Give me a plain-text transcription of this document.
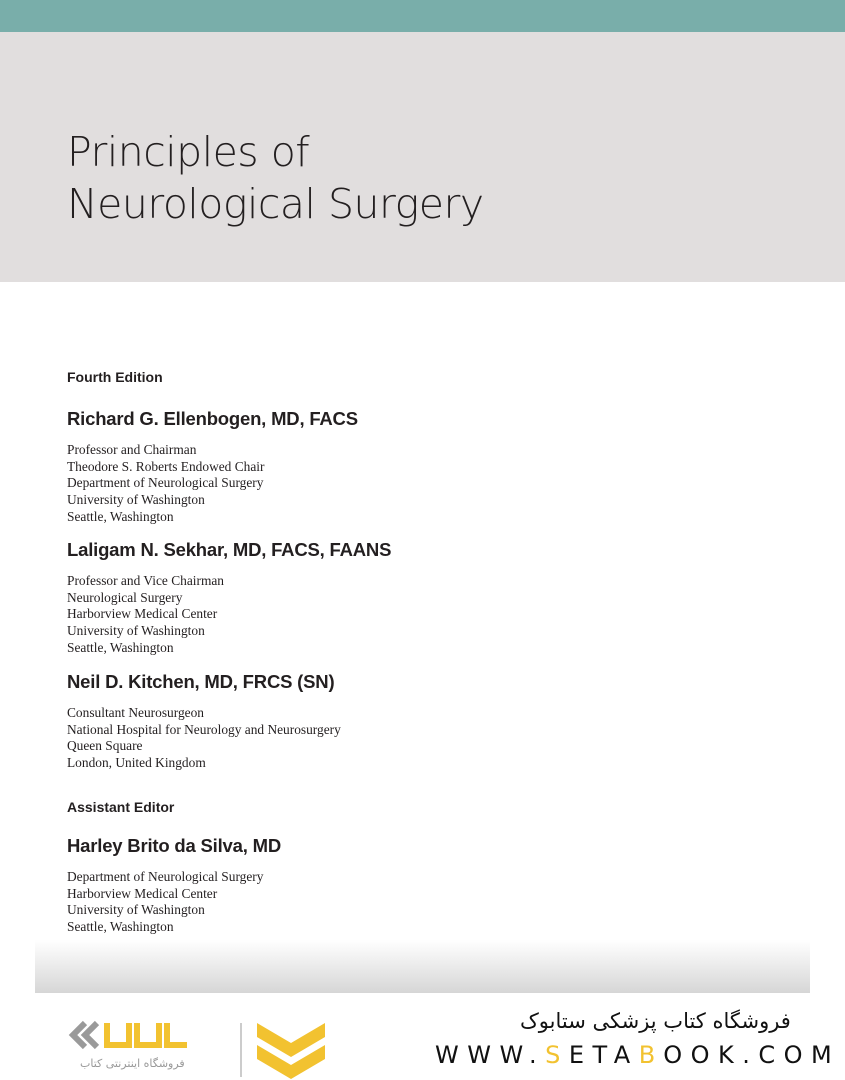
Principles of
Neurological Surgery
Fourth Edition
Richard G. Ellenbogen, MD, FACS
Professor and Chairman
Theodore S. Roberts Endowed Chair
Department of Neurological Surgery
University of Washington
Seattle, Washington
Laligam N. Sekhar, MD, FACS, FAANS
Professor and Vice Chairman
Neurological Surgery
Harborview Medical Center
University of Washington
Seattle, Washington
Neil D. Kitchen, MD, FRCS (SN)
Consultant Neurosurgeon
National Hospital for Neurology and Neurosurgery
Queen Square
London, United Kingdom
Assistant Editor
Harley Brito da Silva, MD
Department of Neurological Surgery
Harborview Medical Center
University of Washington
Seattle, Washington
فروشگاه اینترنتی کتاب
فروشگاه کتاب پزشکی ستابوک
WWW.SETABOOK.COM
